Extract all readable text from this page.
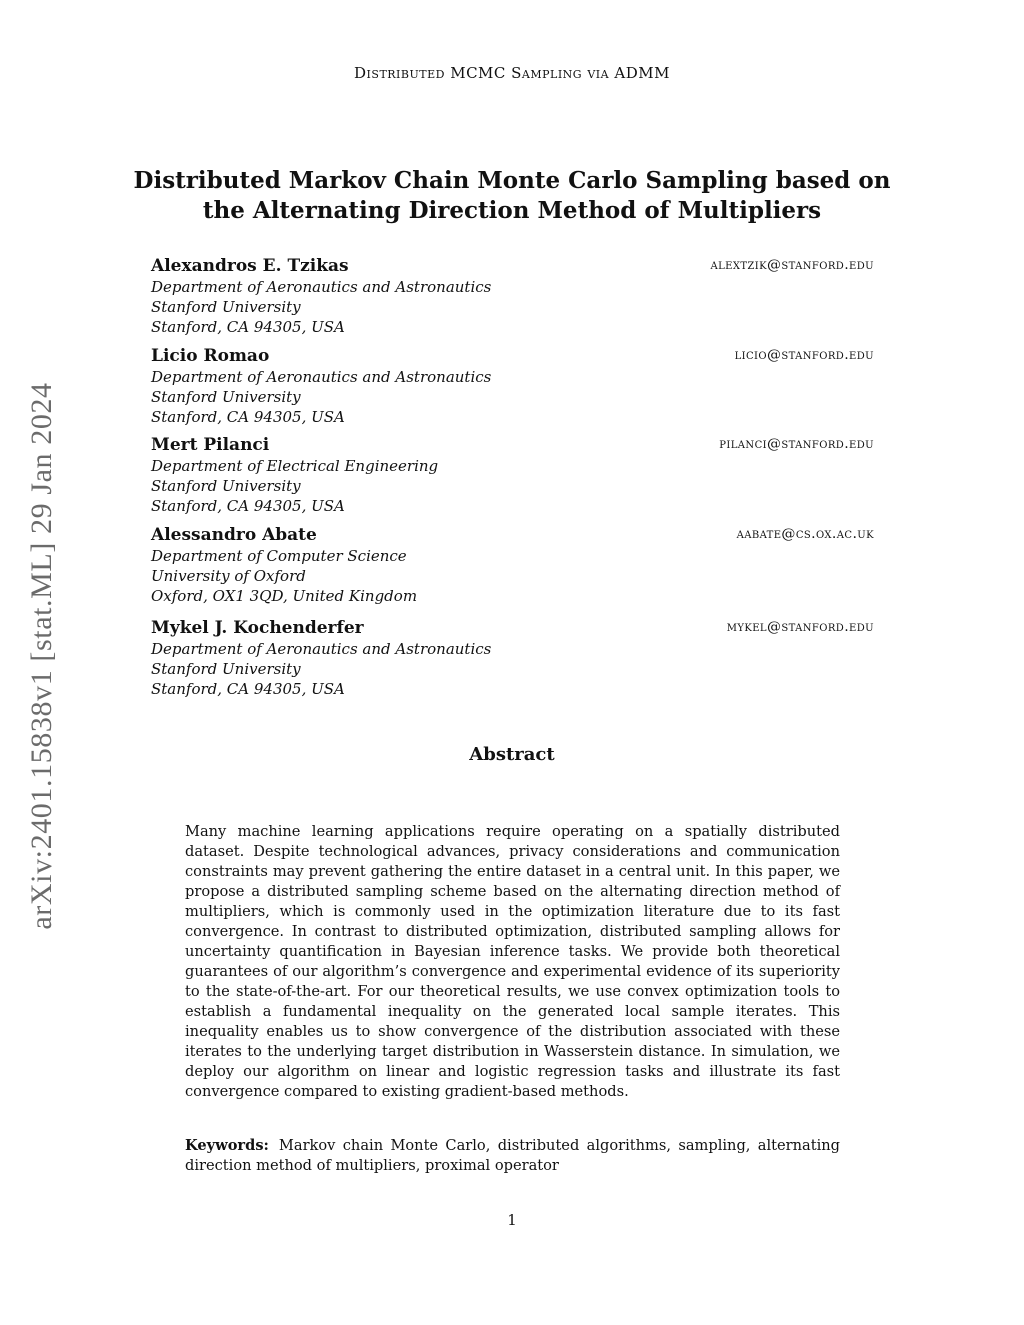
Distributed MCMC Sampling via ADMM
Distributed Markov Chain Monte Carlo Sampling based on
the Alternating Direction Method of Multipliers
Alexandros E. Tzikas	alextzik@stanford.edu
Department of Aeronautics and Astronautics
Stanford University
Stanford, CA 94305, USA
Licio Romao	licio@stanford.edu
Department of Aeronautics and Astronautics
Stanford University
Stanford, CA 94305, USA
Mert Pilanci	pilanci@stanford.edu
Department of Electrical Engineering
Stanford University
Stanford, CA 94305, USA
Alessandro Abate	aabate@cs.ox.ac.uk
Department of Computer Science
University of Oxford
Oxford, OX1 3QD, United Kingdom
Mykel J. Kochenderfer	mykel@stanford.edu
Department of Aeronautics and Astronautics
Stanford University
Stanford, CA 94305, USA
arXiv:2401.15838v1 [stat.ML] 29 Jan 2024	Abstract
Many machine learning applications require operating on a spatially distributed dataset. Despite technological advances, privacy considerations and communication constraints may prevent gathering the entire dataset in a central unit. In this paper, we propose a distributed sampling scheme based on the alternating direction method of multipliers, which is commonly used in the optimization literature due to its fast convergence. In contrast to distributed optimization, distributed sampling allows for uncertainty quantification in Bayesian inference tasks. We provide both theoretical guarantees of our algorithm’s convergence and experimental evidence of its superiority to the state-of-the-art. For our theoretical results, we use convex optimization tools to establish a fundamental inequality on the generated local sample iterates. This inequality enables us to show convergence of the distribution associated with these iterates to the underlying target distribution in Wasserstein distance. In simulation, we deploy our algorithm on linear and logistic regression tasks and illustrate its fast convergence compared to existing gradient-based methods.
Keywords: Markov chain Monte Carlo, distributed algorithms, sampling, alternating direction method of multipliers, proximal operator
1
